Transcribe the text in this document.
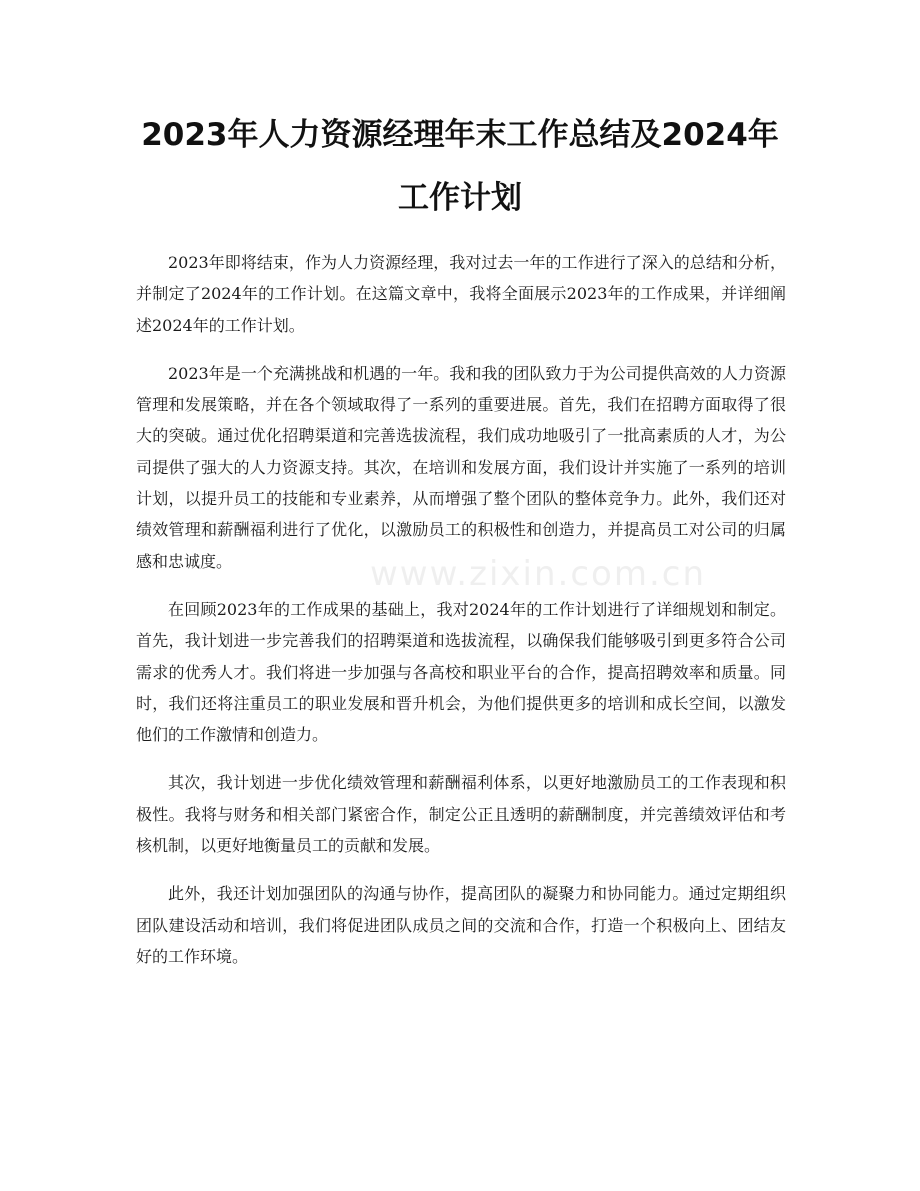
2023年人力资源经理年末工作总结及2024年工作计划

2023年即将结束，作为人力资源经理，我对过去一年的工作进行了深入的总结和分析，并制定了2024年的工作计划。在这篇文章中，我将全面展示2023年的工作成果，并详细阐述2024年的工作计划。

2023年是一个充满挑战和机遇的一年。我和我的团队致力于为公司提供高效的人力资源管理和发展策略，并在各个领域取得了一系列的重要进展。首先，我们在招聘方面取得了很大的突破。通过优化招聘渠道和完善选拔流程，我们成功地吸引了一批高素质的人才，为公司提供了强大的人力资源支持。其次，在培训和发展方面，我们设计并实施了一系列的培训计划，以提升员工的技能和专业素养，从而增强了整个团队的整体竞争力。此外，我们还对绩效管理和薪酬福利进行了优化，以激励员工的积极性和创造力，并提高员工对公司的归属感和忠诚度。

在回顾2023年的工作成果的基础上，我对2024年的工作计划进行了详细规划和制定。首先，我计划进一步完善我们的招聘渠道和选拔流程，以确保我们能够吸引到更多符合公司需求的优秀人才。我们将进一步加强与各高校和职业平台的合作，提高招聘效率和质量。同时，我们还将注重员工的职业发展和晋升机会，为他们提供更多的培训和成长空间，以激发他们的工作激情和创造力。

其次，我计划进一步优化绩效管理和薪酬福利体系，以更好地激励员工的工作表现和积极性。我将与财务和相关部门紧密合作，制定公正且透明的薪酬制度，并完善绩效评估和考核机制，以更好地衡量员工的贡献和发展。

此外，我还计划加强团队的沟通与协作，提高团队的凝聚力和协同能力。通过定期组织团队建设活动和培训，我们将促进团队成员之间的交流和合作，打造一个积极向上、团结友好的工作环境。

www.zixin.com.cn
